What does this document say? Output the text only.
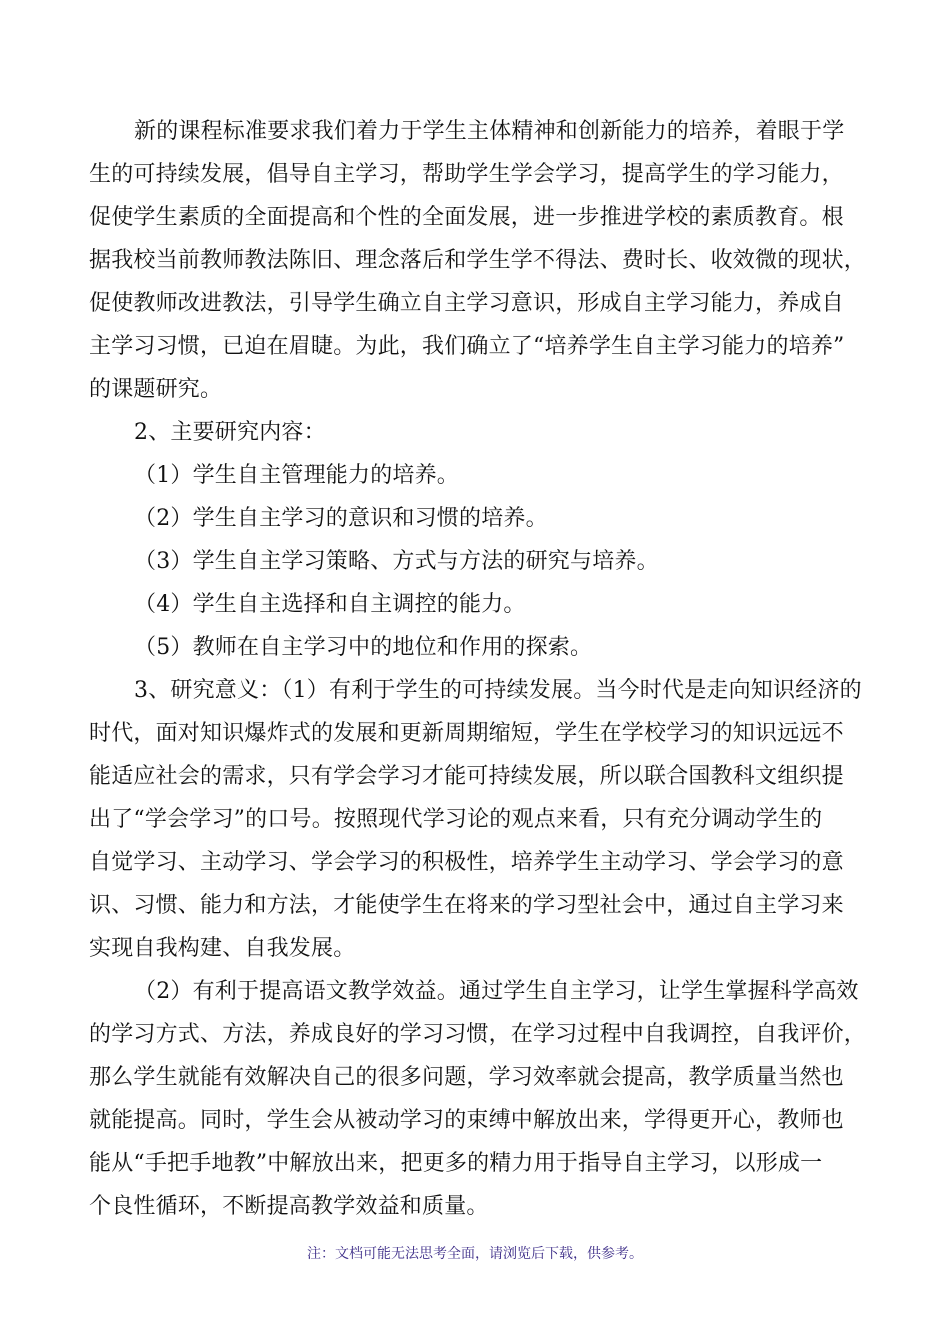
新的课程标准要求我们着力于学生主体精神和创新能力的培养，着眼于学
生的可持续发展，倡导自主学习，帮助学生学会学习，提高学生的学习能力，
促使学生素质的全面提高和个性的全面发展，进一步推进学校的素质教育。根
据我校当前教师教法陈旧、理念落后和学生学不得法、费时长、收效微的现状，
促使教师改进教法，引导学生确立自主学习意识，形成自主学习能力，养成自
主学习习惯，已迫在眉睫。为此，我们确立了“培养学生自主学习能力的培养”
的课题研究。
2、主要研究内容：
（1）学生自主管理能力的培养。
（2）学生自主学习的意识和习惯的培养。
（3）学生自主学习策略、方式与方法的研究与培养。
（4）学生自主选择和自主调控的能力。
（5）教师在自主学习中的地位和作用的探索。
3、研究意义：（1）有利于学生的可持续发展。当今时代是走向知识经济的
时代，面对知识爆炸式的发展和更新周期缩短，学生在学校学习的知识远远不
能适应社会的需求，只有学会学习才能可持续发展，所以联合国教科文组织提
出了“学会学习”的口号。按照现代学习论的观点来看，只有充分调动学生的
自觉学习、主动学习、学会学习的积极性，培养学生主动学习、学会学习的意
识、习惯、能力和方法，才能使学生在将来的学习型社会中，通过自主学习来
实现自我构建、自我发展。
（2）有利于提高语文教学效益。通过学生自主学习，让学生掌握科学高效
的学习方式、方法，养成良好的学习习惯，在学习过程中自我调控，自我评价，
那么学生就能有效解决自己的很多问题，学习效率就会提高，教学质量当然也
就能提高。同时，学生会从被动学习的束缚中解放出来，学得更开心，教师也
能从“手把手地教”中解放出来，把更多的精力用于指导自主学习，以形成一
个良性循环，不断提高教学效益和质量。
注：文档可能无法思考全面，请浏览后下载，供参考。
